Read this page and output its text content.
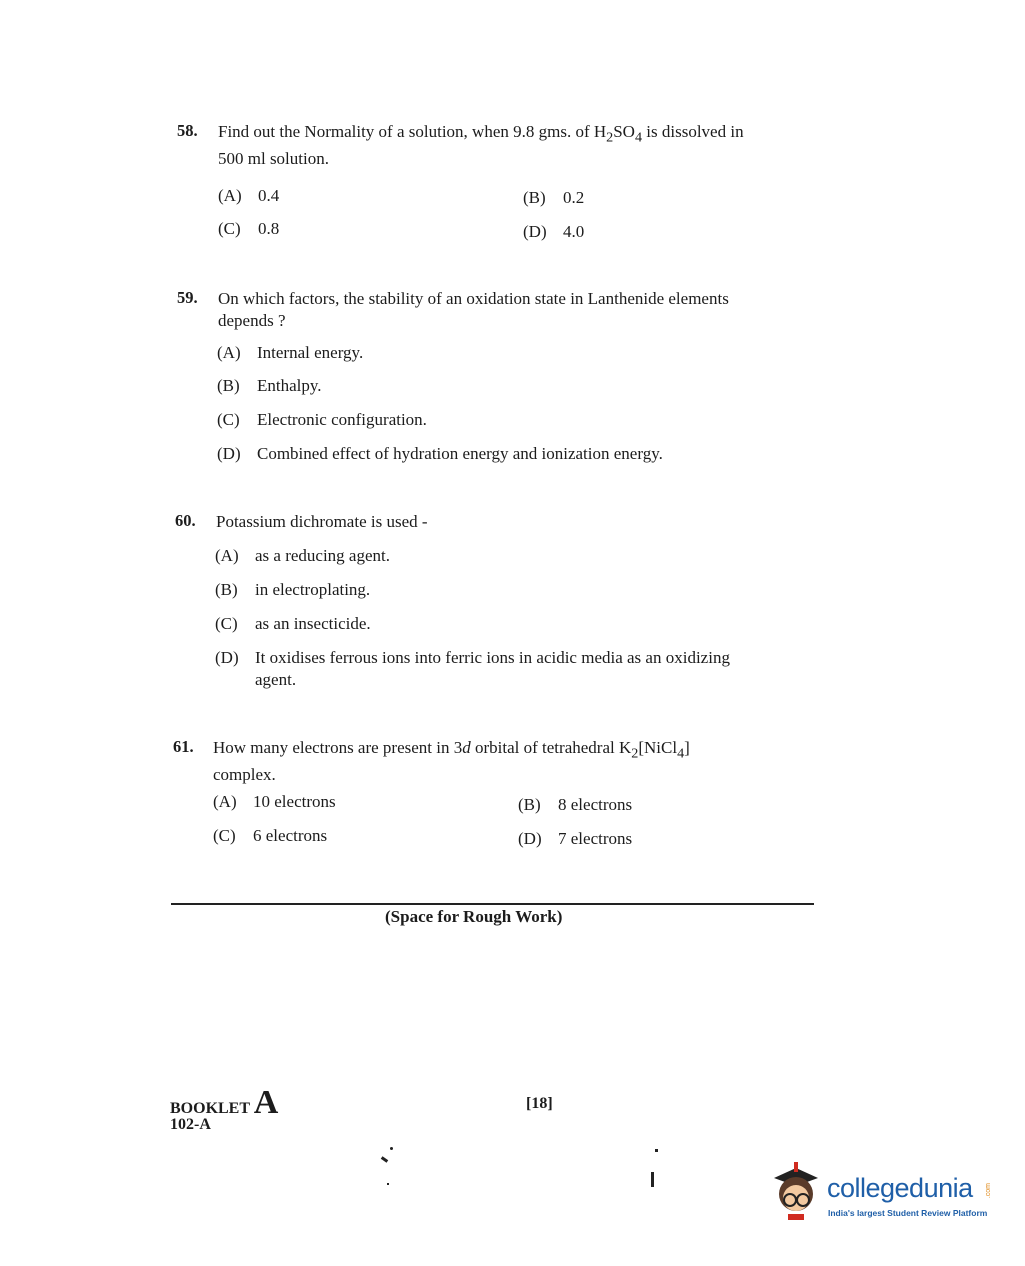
58. Find out the Normality of a solution, when 9.8 gms. of $H_2SO_4$ is dissolved in
500 ml solution.
(A) 0.4	(B) 0.2
(C) 0.8	(D) 4.0
59. On which factors, the stability of an oxidation state in Lanthenide elements
depends ?
(A) Internal energy.
(B) Enthalpy.
(C) Electronic configuration.
(D) Combined effect of hydration energy and ionization energy.
60. Potassium dichromate is used -
(A) as a reducing agent.
(B) in electroplating.
(C) as an insecticide.
(D) It oxidises ferrous ions into ferric ions in acidic media as an oxidizing
agent.
61. How many electrons are present in 3d orbital of tetrahedral $K_2[NiCl_4]$
complex.
(A) 10 electrons	(B) 8 electrons
(C) 6 electrons	(D) 7 electrons
(Space for Rough Work)
BOOKLET A
102-A
[18]
collegedunia .com
India's largest Student Review Platform
